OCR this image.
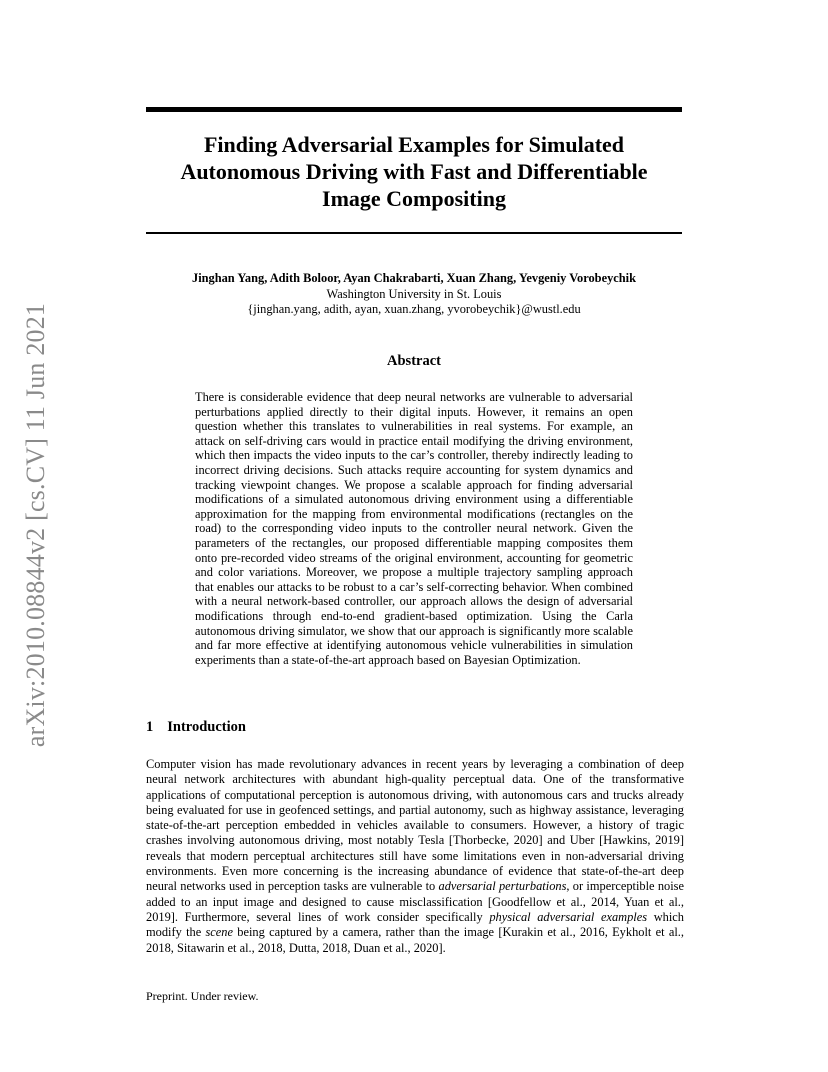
arXiv:2010.08844v2 [cs.CV] 11 Jun 2021
Finding Adversarial Examples for Simulated
Autonomous Driving with Fast and Differentiable
Image Compositing
Jinghan Yang, Adith Boloor, Ayan Chakrabarti, Xuan Zhang, Yevgeniy Vorobeychik
Washington University in St. Louis
{jinghan.yang, adith, ayan, xuan.zhang, yvorobeychik}@wustl.edu
Abstract
There is considerable evidence that deep neural networks are vulnerable to adversarial perturbations applied directly to their digital inputs. However, it remains an open question whether this translates to vulnerabilities in real systems. For example, an attack on self-driving cars would in practice entail modifying the driving environment, which then impacts the video inputs to the car’s controller, thereby indirectly leading to incorrect driving decisions. Such attacks require accounting for system dynamics and tracking viewpoint changes. We propose a scalable approach for finding adversarial modifications of a simulated autonomous driving environment using a differentiable approximation for the mapping from environmental modifications (rectangles on the road) to the corresponding video inputs to the controller neural network. Given the parameters of the rectangles, our proposed differentiable mapping composites them onto pre-recorded video streams of the original environment, accounting for geometric and color variations. Moreover, we propose a multiple trajectory sampling approach that enables our attacks to be robust to a car’s self-correcting behavior. When combined with a neural network-based controller, our approach allows the design of adversarial modifications through end-to-end gradient-based optimization. Using the Carla autonomous driving simulator, we show that our approach is significantly more scalable and far more effective at identifying autonomous vehicle vulnerabilities in simulation experiments than a state-of-the-art approach based on Bayesian Optimization.
1 Introduction
Computer vision has made revolutionary advances in recent years by leveraging a combination of deep neural network architectures with abundant high-quality perceptual data. One of the transformative applications of computational perception is autonomous driving, with autonomous cars and trucks already being evaluated for use in geofenced settings, and partial autonomy, such as highway assistance, leveraging state-of-the-art perception embedded in vehicles available to consumers. However, a history of tragic crashes involving autonomous driving, most notably Tesla [Thorbecke, 2020] and Uber [Hawkins, 2019] reveals that modern perceptual architectures still have some limitations even in non-adversarial driving environments. Even more concerning is the increasing abundance of evidence that state-of-the-art deep neural networks used in perception tasks are vulnerable to adversarial perturbations, or imperceptible noise added to an input image and designed to cause misclassification [Goodfellow et al., 2014, Yuan et al., 2019]. Furthermore, several lines of work consider specifically physical adversarial examples which modify the scene being captured by a camera, rather than the image [Kurakin et al., 2016, Eykholt et al., 2018, Sitawarin et al., 2018, Dutta, 2018, Duan et al., 2020].
Preprint. Under review.
